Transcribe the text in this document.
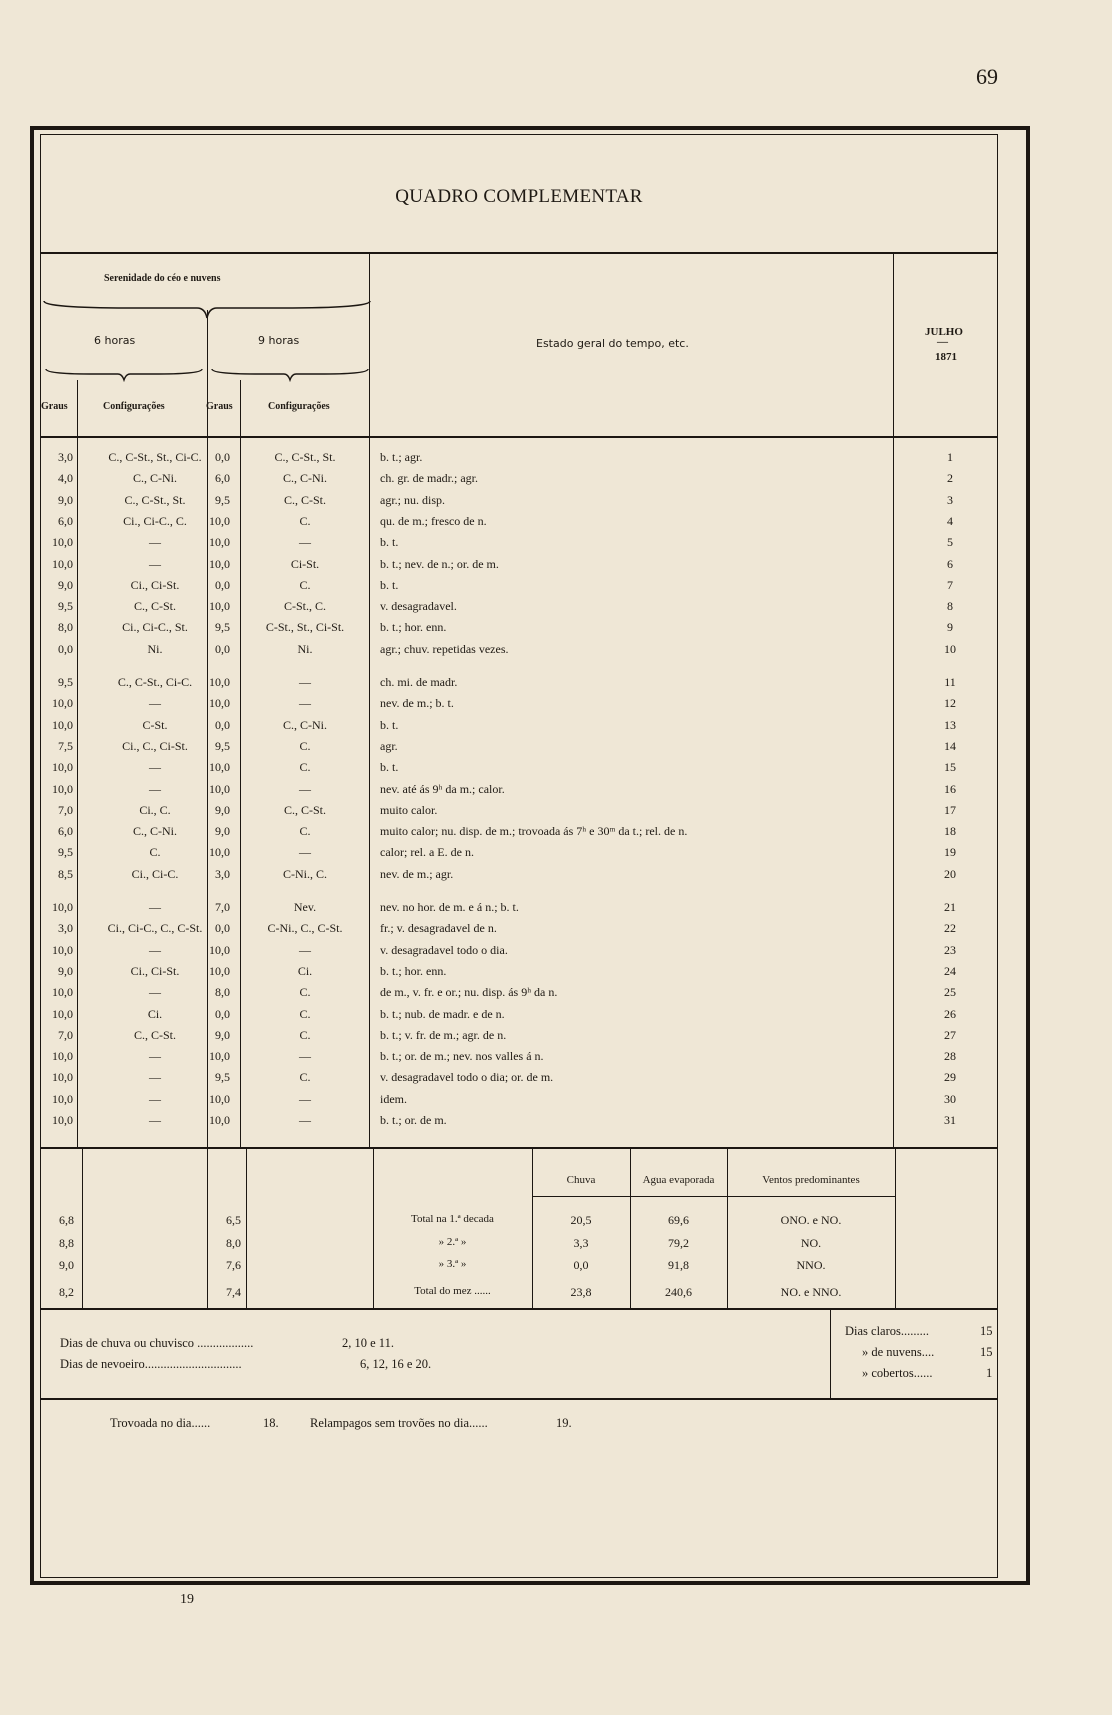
69
QUADRO COMPLEMENTAR
Serenidade do céo e nuvens
6 horas	9 horas
Graus	Configurações	Graus	Configurações
Estado geral do tempo, etc.
JULHO
—
1871
3,0	C., C-St., St., Ci-C.	0,0	C., C-St., St.	b. t.; agr.	1
4,0	C., C-Ni.	6,0	C., C-Ni.	ch. gr. de madr.; agr.	2
9,0	C., C-St., St.	9,5	C., C-St.	agr.; nu. disp.	3
6,0	Ci., Ci-C., C.	10,0	C.	qu. de m.; fresco de n.	4
10,0	—	10,0	—	b. t.	5
10,0	—	10,0	Ci-St.	b. t.; nev. de n.; or. de m.	6
9,0	Ci., Ci-St.	0,0	C.	b. t.	7
9,5	C., C-St.	10,0	C-St., C.	v. desagradavel.	8
8,0	Ci., Ci-C., St.	9,5	C-St., St., Ci-St.	b. t.; hor. enn.	9
0,0	Ni.	0,0	Ni.	agr.; chuv. repetidas vezes.	10
9,5	C., C-St., Ci-C.	10,0	—	ch. mi. de madr.	11
10,0	—	10,0	—	nev. de m.; b. t.	12
10,0	C-St.	0,0	C., C-Ni.	b. t.	13
7,5	Ci., C., Ci-St.	9,5	C.	agr.	14
10,0	—	10,0	C.	b. t.	15
10,0	—	10,0	—	nev. até ás 9ʰ da m.; calor.	16
7,0	Ci., C.	9,0	C., C-St.	muito calor.	17
6,0	C., C-Ni.	9,0	C.	muito calor; nu. disp. de m.; trovoada ás 7ʰ e 30ᵐ da t.; rel. de n.	18
9,5	C.	10,0	—	calor; rel. a E. de n.	19
8,5	Ci., Ci-C.	3,0	C-Ni., C.	nev. de m.; agr.	20
10,0	—	7,0	Nev.	nev. no hor. de m. e á n.; b. t.	21
3,0	Ci., Ci-C., C., C-St.	0,0	C-Ni., C., C-St.	fr.; v. desagradavel de n.	22
10,0	—	10,0	—	v. desagradavel todo o dia.	23
9,0	Ci., Ci-St.	10,0	Ci.	b. t.; hor. enn.	24
10,0	—	8,0	C.	de m., v. fr. e or.; nu. disp. ás 9ʰ da n.	25
10,0	Ci.	0,0	C.	b. t.; nub. de madr. e de n.	26
7,0	C., C-St.	9,0	C.	b. t.; v. fr. de m.; agr. de n.	27
10,0	—	10,0	—	b. t.; or. de m.; nev. nos valles á n.	28
10,0	—	9,5	C.	v. desagradavel todo o dia; or. de m.	29
10,0	—	10,0	—	idem.	30
10,0	—	10,0	—	b. t.; or. de m.	31
Chuva	Agua evaporada	Ventos predominantes
6,8	6,5	Total na 1.ª decada	20,5	69,6	ONO. e NO.
8,8	8,0	» 2.ª »	3,3	79,2	NO.
9,0	7,6	» 3.ª »	0,0	91,8	NNO.
8,2	7,4	Total do mez ......	23,8	240,6	NO. e NNO.
Dias de chuva ou chuvisco ..................	2, 10 e 11.
Dias de nevoeiro...............................	6, 12, 16 e 20.
Dias claros.........	15
» de nuvens....	15
» cobertos......	1
Trovoada no dia......	18.	Relampagos sem trovões no dia......	19.
19
